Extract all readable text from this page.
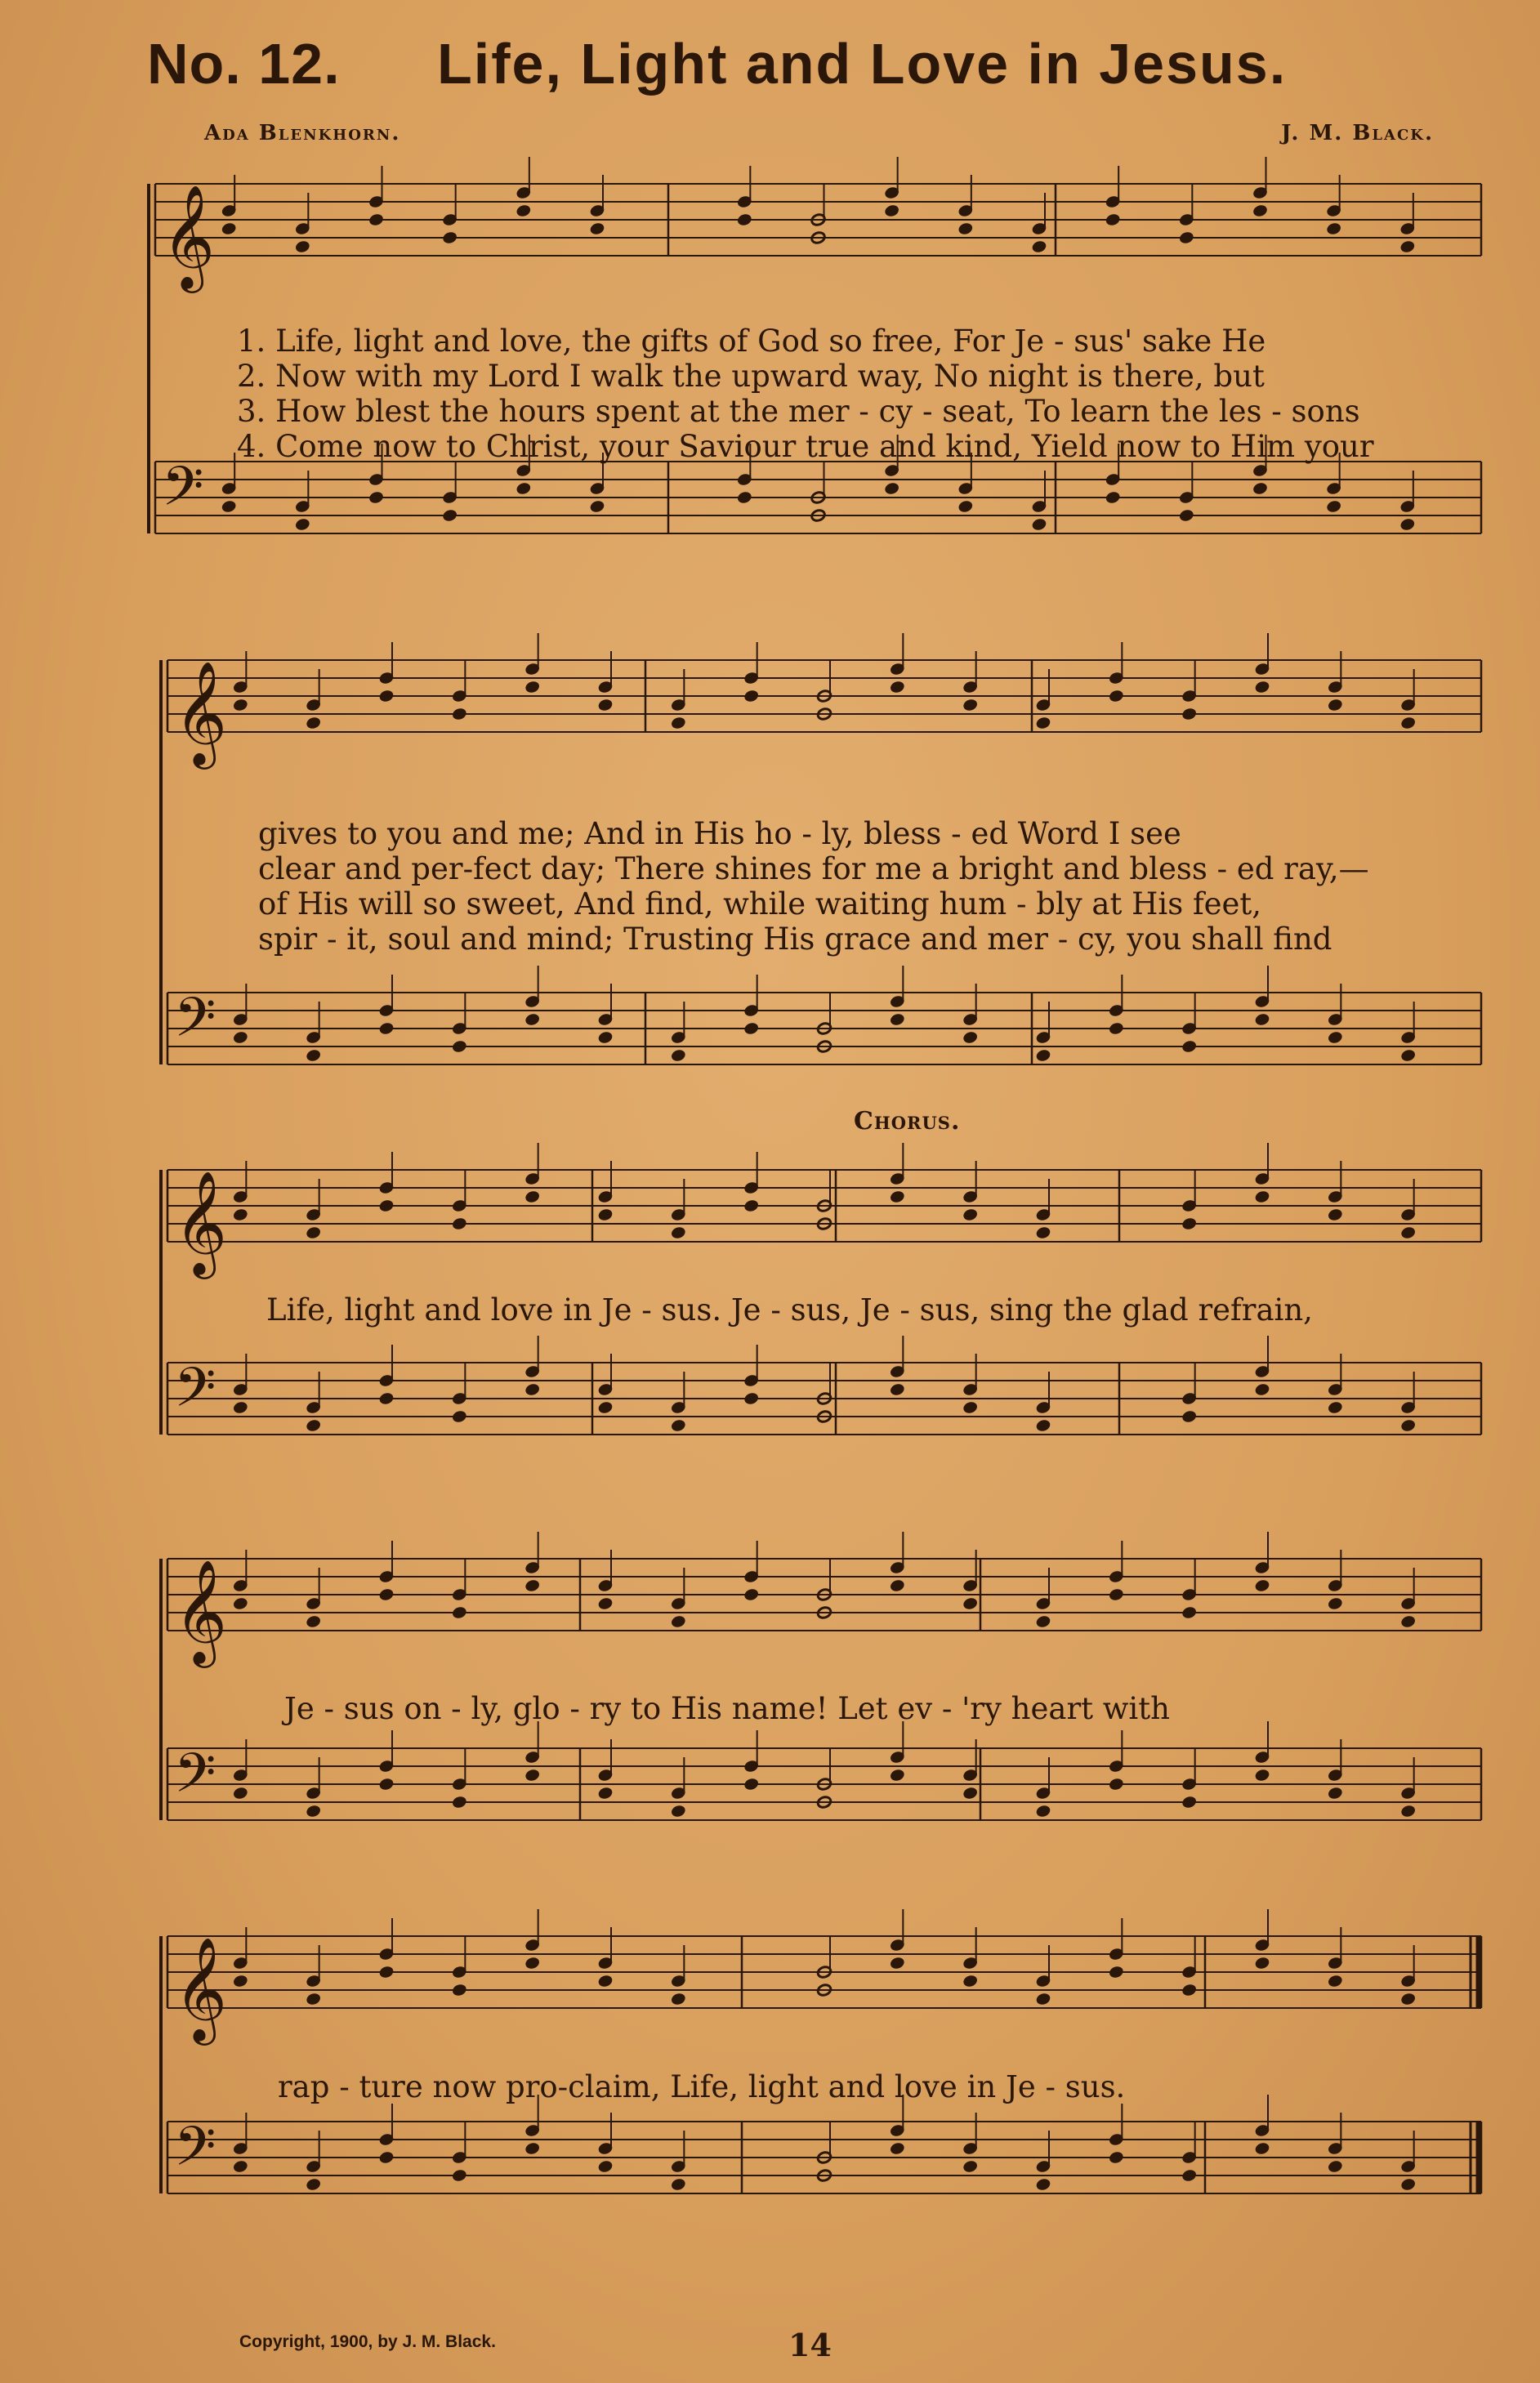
𝄞
𝄢
𝄞
𝄢
𝄞
𝄢
𝄞
𝄢
𝄞
𝄢
No. 12. Life, Light and Love in Jesus.
Ada Blenkhorn.	J. M. Black.
1. Life, light and love, the gifts of God so free, For Je - sus' sake He
2. Now with my Lord I walk the upward way, No night is there, but
3. How blest the hours spent at the mer - cy - seat, To learn the les - sons
4. Come now to Christ, your Saviour true and kind, Yield now to Him your
gives to you and me; And in His ho - ly, bless - ed Word I see
clear and per-fect day; There shines for me a bright and bless - ed ray,—
of His will so sweet, And find, while waiting hum - bly at His feet,
spir - it, soul and mind; Trusting His grace and mer - cy, you shall find
Chorus.
Life, light and love in Je - sus. Je - sus, Je - sus, sing the glad refrain,
Je - sus on - ly, glo - ry to His name! Let ev - 'ry heart with
rap - ture now pro-claim, Life, light and love in Je - sus.
Copyright, 1900, by J. M. Black.	14
